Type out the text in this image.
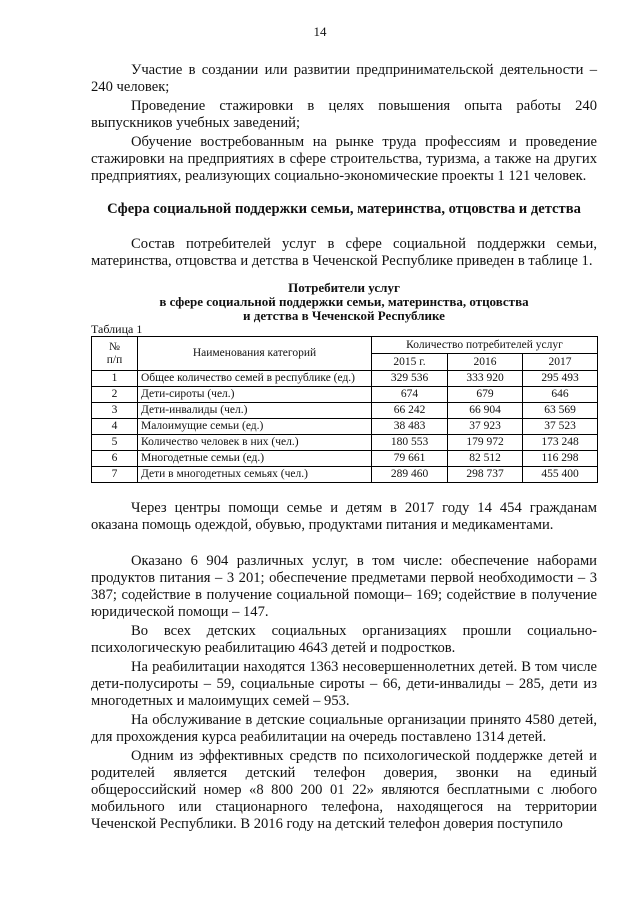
14

Участие в создании или развитии предпринимательской деятельности – 240 человек;

Проведение стажировки в целях повышения опыта работы 240 выпускников учебных заведений;

Обучение востребованным на рынке труда профессиям и проведение стажировки на предприятиях в сфере строительства, туризма, а также на других предприятиях, реализующих социально-экономические проекты 1 121 человек.

Сфера социальной поддержки семьи, материнства, отцовства и детства

Состав потребителей услуг в сфере социальной поддержки семьи, материнства, отцовства и детства в Чеченской Республике приведен в таблице 1.

Потребители услуг
в сфере социальной поддержки семьи, материнства, отцовства
и детства в Чеченской Республике
Таблица 1
№
п/п	Наименования категорий	Количество потребителей услуг		
		2015 г.	2016	2017
1	Общее количество семей в республике (ед.)	329 536	333 920	295 493
2	Дети-сироты (чел.)	674	679	646
3	Дети-инвалиды (чел.)	66 242	66 904	63 569
4	Малоимущие семьи (ед.)	38 483	37 923	37 523
5	Количество человек в них (чел.)	180 553	179 972	173 248
6	Многодетные семьи (ед.)	79 661	82 512	116 298
7	Дети в многодетных семьях (чел.)	289 460	298 737	455 400

Через центры помощи семье и детям в 2017 году 14 454 гражданам оказана помощь одеждой, обувью, продуктами питания и медикаментами.

Оказано 6 904 различных услуг, в том числе: обеспечение наборами продуктов питания – 3 201; обеспечение предметами первой необходимости – 3 387; содействие в получение социальной помощи– 169; содействие в получение юридической помощи – 147.

Во всех детских социальных организациях прошли социально-психологическую реабилитацию 4643 детей и подростков.

На реабилитации находятся 1363 несовершеннолетних детей. В том числе дети-полусироты – 59, социальные сироты – 66, дети-инвалиды – 285, дети из многодетных и малоимущих семей – 953.

На обслуживание в детские социальные организации принято 4580 детей, для прохождения курса реабилитации на очередь поставлено 1314 детей.

Одним из эффективных средств по психологической поддержке детей и родителей является детский телефон доверия, звонки на единый общероссийский номер «8 800 200 01 22» являются бесплатными с любого мобильного или стационарного телефона, находящегося на территории Чеченской Республики. В 2016 году на детский телефон доверия поступило
